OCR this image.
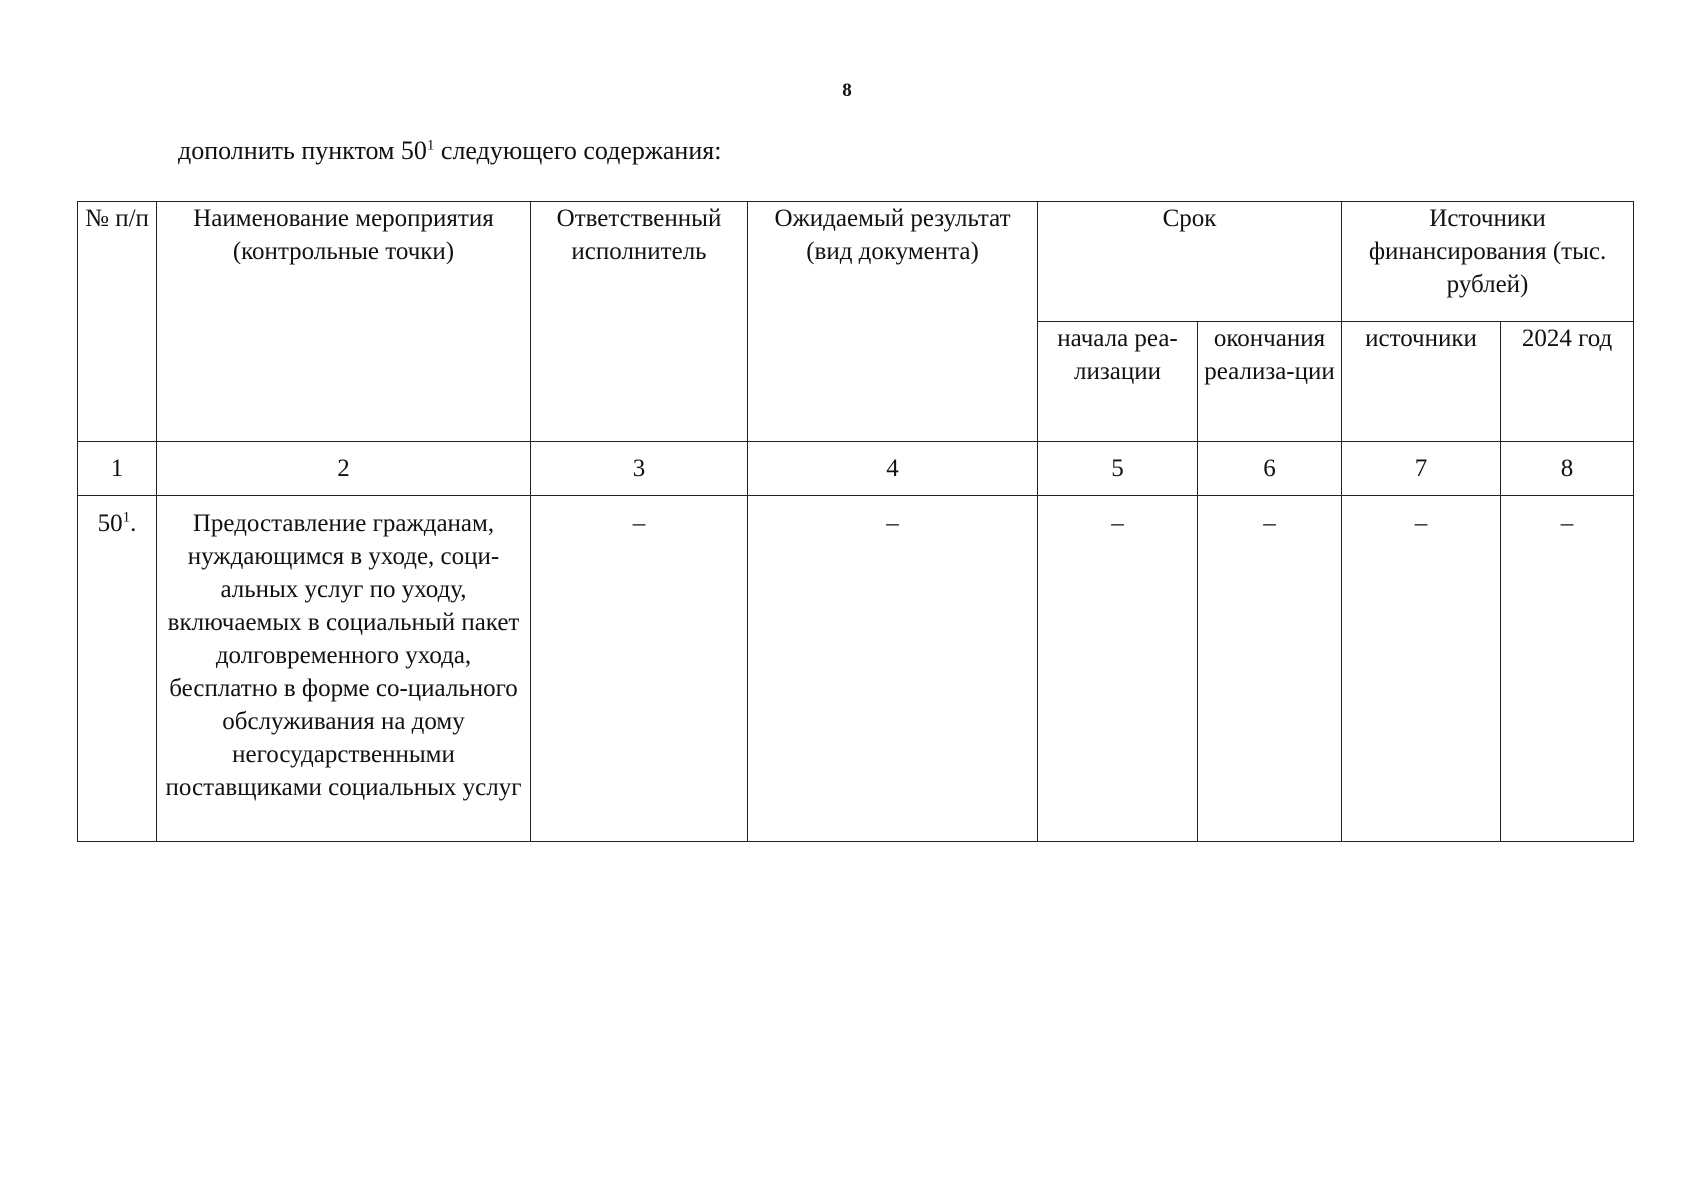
8
дополнить пунктом $50^1$ следующего содержания:
№ п/п	Наименование мероприятия (контрольные точки)	Ответственный исполнитель	Ожидаемый результат (вид документа)	Срок		Источники финансирования (тыс. рублей)	
				начала реа-лизации	окончания реализа-ции	источники	2024 год
1	2	3	4	5	6	7	8
$50^1$.	Предоставление гражданам, нуждающимся в уходе, соци-альных услуг по уходу, включаемых в социальный пакет долговременного ухода, бесплатно в форме со-циального обслуживания на дому негосударственными поставщиками социальных услуг	–	–	–	–	–	–
